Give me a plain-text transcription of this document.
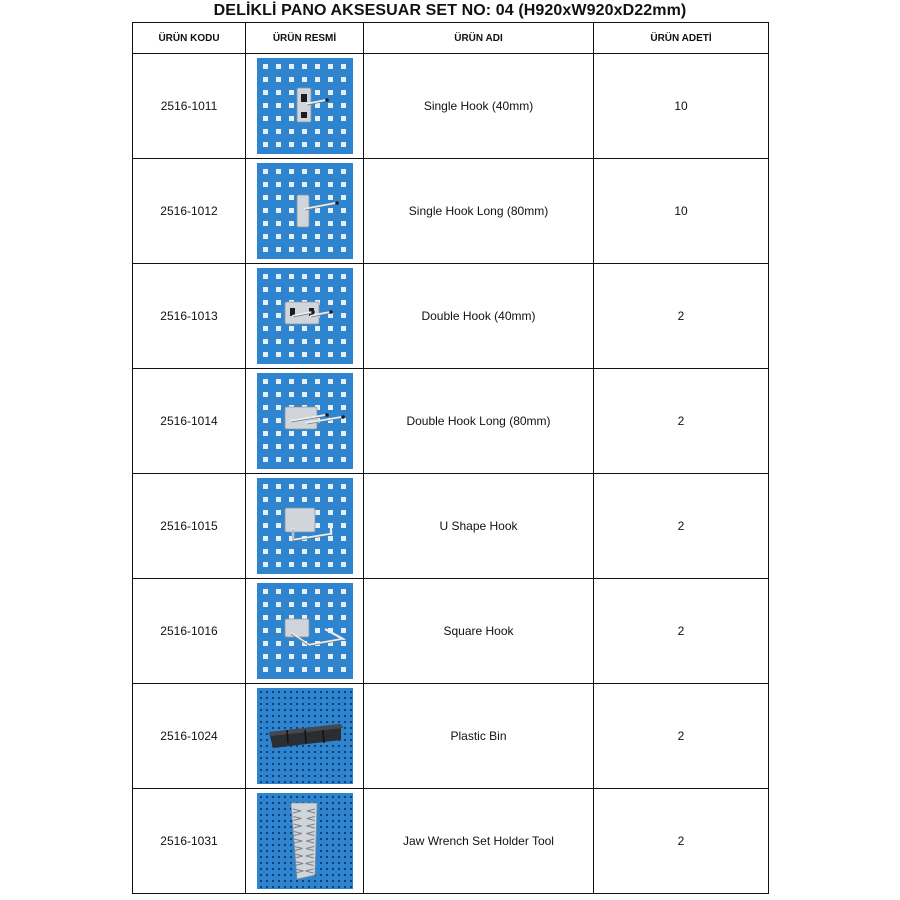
DELİKLİ PANO AKSESUAR SET NO: 04 (H920xW920xD22mm)
ÜRÜN KODU	ÜRÜN RESMİ	ÜRÜN ADI	ÜRÜN ADETİ
2516-1011		Single Hook (40mm)	10
2516-1012		Single Hook Long (80mm)	10
2516-1013		Double Hook (40mm)	2
2516-1014		Double Hook Long (80mm)	2
2516-1015		U Shape Hook	2
2516-1016		Square Hook	2
2516-1024		Plastic Bin	2
2516-1031		Jaw Wrench Set Holder Tool	2
